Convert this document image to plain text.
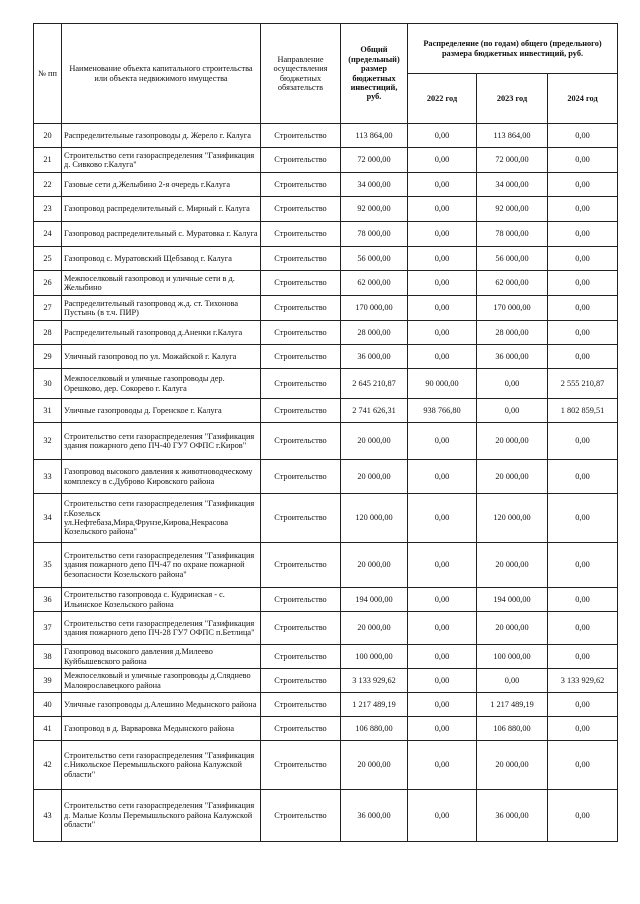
№ пп	Наименование объекта капитального строительства или объекта недвижимого имущества	Направление осуществления бюджетных обязательств	Общий (предельный) размер бюджетных инвестиций, руб.	Распределение (по годам) общего (предельного) размера бюджетных инвестиций, руб.		
				2022 год	2023 год	2024 год
20	Распределительные газопроводы д. Жерело г. Калуга	Строительство	113 864,00	0,00	113 864,00	0,00
21	Строительство сети газораспределения "Газификация д. Сивково г.Калуга"	Строительство	72 000,00	0,00	72 000,00	0,00
22	Газовые сети д.Желыбино 2-я очередь г.Калуга	Строительство	34 000,00	0,00	34 000,00	0,00
23	Газопровод распределительный с. Мирный г. Калуга	Строительство	92 000,00	0,00	92 000,00	0,00
24	Газопровод распределительный с. Муратовка г. Калуга	Строительство	78 000,00	0,00	78 000,00	0,00
25	Газопровод с. Муратовский Щебзавод г. Калуга	Строительство	56 000,00	0,00	56 000,00	0,00
26	Межпоселковый газопровод и уличные сети в д. Желыбино	Строительство	62 000,00	0,00	62 000,00	0,00
27	Распределительный газопровод ж.д. ст. Тихонова Пустынь (в т.ч. ПИР)	Строительство	170 000,00	0,00	170 000,00	0,00
28	Распределительный газопровод д.Аненки г.Калуга	Строительство	28 000,00	0,00	28 000,00	0,00
29	Уличный газопровод по ул. Можайской г. Калуга	Строительство	36 000,00	0,00	36 000,00	0,00
30	Межпоселковый и уличные газопроводы дер. Орешково, дер. Сокорево г. Калуга	Строительство	2 645 210,87	90 000,00	0,00	2 555 210,87
31	Уличные газопроводы д. Горенское г. Калуга	Строительство	2 741 626,31	938 766,80	0,00	1 802 859,51
32	Строительство сети газораспределения "Газификация здания пожарного депо ПЧ-40 ГУ7 ОФПС г.Киров"	Строительство	20 000,00	0,00	20 000,00	0,00
33	Газопровод высокого давления к животноводческому комплексу в с.Дуброво Кировского района	Строительство	20 000,00	0,00	20 000,00	0,00
34	Строительство сети газораспределения "Газификация г.Козельск ул.Нефтебаза,Мира,Фрунзе,Кирова,Некрасова Козельского района"	Строительство	120 000,00	0,00	120 000,00	0,00
35	Строительство сети газораспределения "Газификация здания пожарного депо ПЧ-47 по охране пожарной безопасности Козельского района"	Строительство	20 000,00	0,00	20 000,00	0,00
36	Строительство газопровода с. Кудринская - с. Ильинское Козельского района	Строительство	194 000,00	0,00	194 000,00	0,00
37	Строительство сети газораспределения "Газификация здания пожарного депо ПЧ-28 ГУ7 ОФПС п.Бетлица"	Строительство	20 000,00	0,00	20 000,00	0,00
38	Газопровод высокого давления д.Милеево Куйбышевского района	Строительство	100 000,00	0,00	100 000,00	0,00
39	Межпоселковый и уличные газопроводы д.Сляднево Малоярославецкого района	Строительство	3 133 929,62	0,00	0,00	3 133 929,62
40	Уличные газопроводы д.Алешино Медынского района	Строительство	1 217 489,19	0,00	1 217 489,19	0,00
41	Газопровод в д. Варваровка Медынского района	Строительство	106 880,00	0,00	106 880,00	0,00
42	Строительство сети газораспределения "Газификация с.Никольское Перемышльского района Калужской области"	Строительство	20 000,00	0,00	20 000,00	0,00
43	Строительство сети газораспределения "Газификация д. Малые Козлы Перемышльского района Калужской области"	Строительство	36 000,00	0,00	36 000,00	0,00
